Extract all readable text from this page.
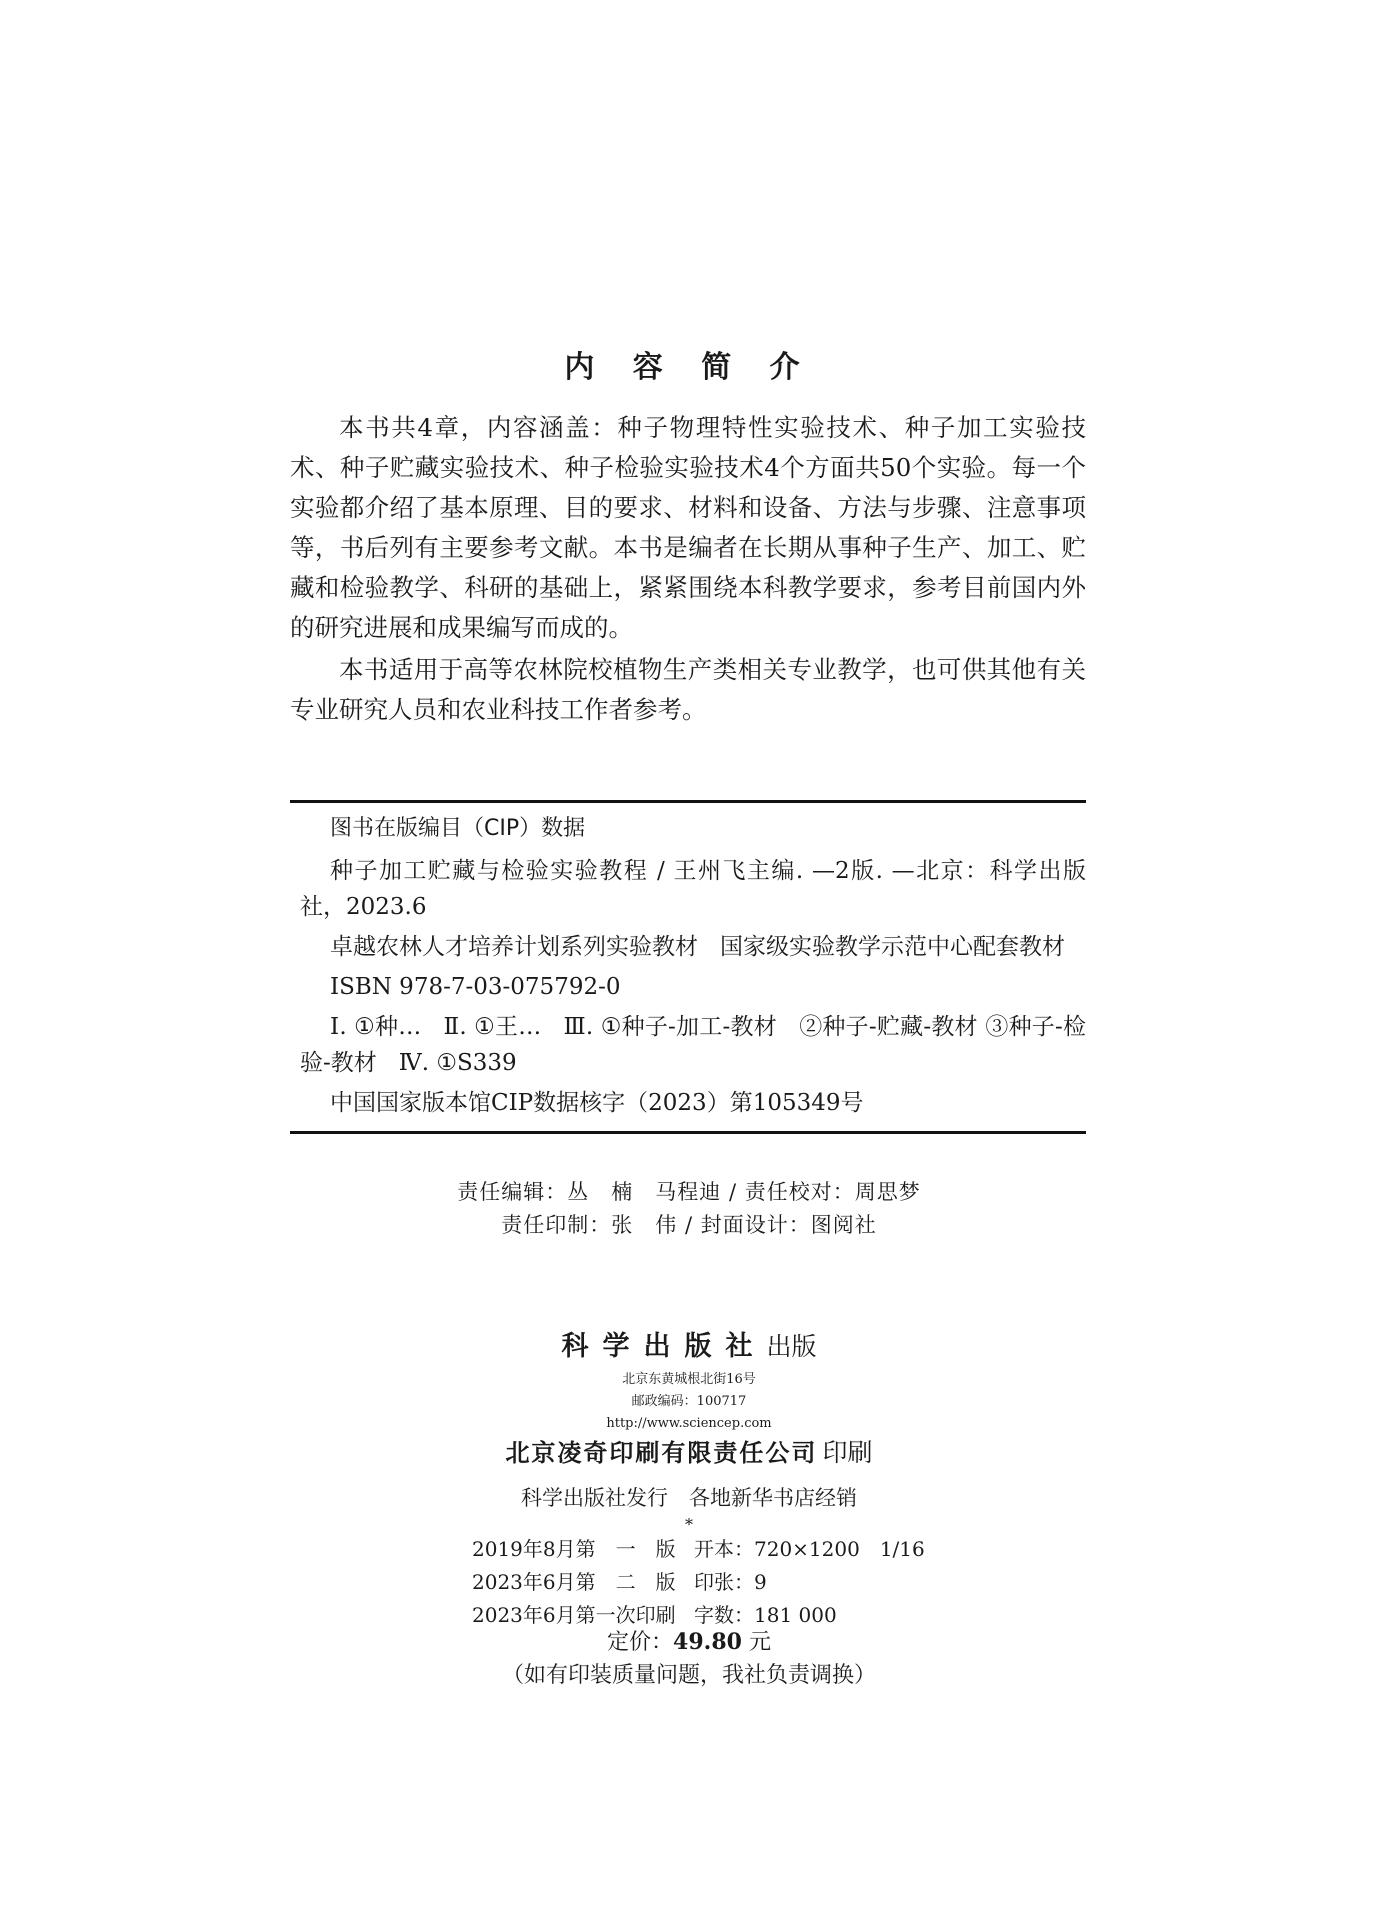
内 容 简 介

本书共4章，内容涵盖：种子物理特性实验技术、种子加工实验技术、种子贮藏实验技术、种子检验实验技术4个方面共50个实验。每一个实验都介绍了基本原理、目的要求、材料和设备、方法与步骤、注意事项等，书后列有主要参考文献。本书是编者在长期从事种子生产、加工、贮藏和检验教学、科研的基础上，紧紧围绕本科教学要求，参考目前国内外的研究进展和成果编写而成的。

本书适用于高等农林院校植物生产类相关专业教学，也可供其他有关专业研究人员和农业科技工作者参考。

图书在版编目（CIP）数据

种子加工贮藏与检验实验教程 / 王州飞主编. —2版. —北京：科学出版社，2023.6

卓越农林人才培养计划系列实验教材 国家级实验教学示范中心配套教材

ISBN 978-7-03-075792-0

Ⅰ. ①种… Ⅱ. ①王… Ⅲ. ①种子-加工-教材 ②种子-贮藏-教材 ③种子-检验-教材 Ⅳ. ①S339

中国国家版本馆CIP数据核字（2023）第105349号

责任编辑：丛　楠　马程迪 / 责任校对：周思梦
责任印制：张　伟 / 封面设计：图阅社
科学出版社出版
北京东黄城根北街16号
邮政编码：100717
http://www.sciencep.com
北京凌奇印刷有限责任公司 印刷
科学出版社发行　各地新华书店经销
*
2019年8月第　一　版 开本：720×1200　1/16
2023年6月第　二　版 印张：9
2023年6月第一次印刷 字数：181 000
定价：49.80 元
（如有印装质量问题，我社负责调换）
